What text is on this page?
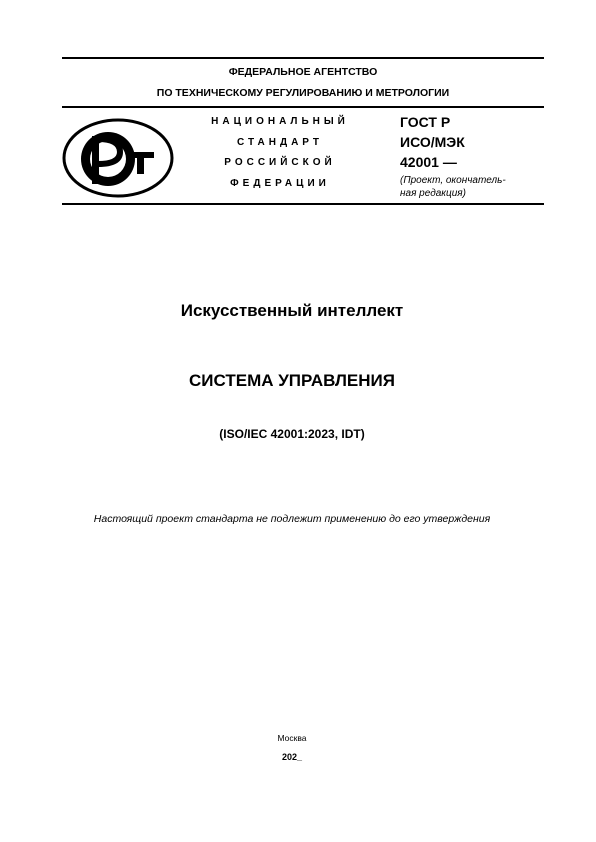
ФЕДЕРАЛЬНОЕ АГЕНТСТВО
ПО ТЕХНИЧЕСКОМУ РЕГУЛИРОВАНИЮ И МЕТРОЛОГИИ
НАЦИОНАЛЬНЫЙ
СТАНДАРТ
РОССИЙСКОЙ
ФЕДЕРАЦИИ
ГОСТ Р
ИСО/МЭК
42001 —
(Проект, окончатель-
ная редакция)
Искусственный интеллект
СИСТЕМА УПРАВЛЕНИЯ
(ISO/IEC 42001:2023, IDT)
Настоящий проект стандарта не подлежит применению до его утверждения
Москва
202_
